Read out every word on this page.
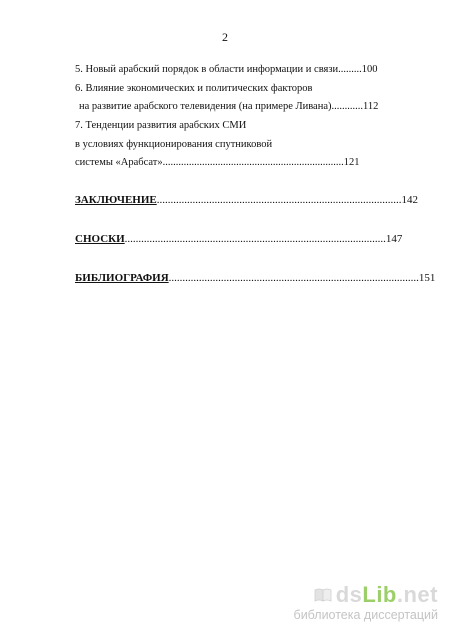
2
5. Новый арабский порядок в области информации и связи.........100
6. Влияние экономических и политических факторов
на развитие арабского телевидения (на примере Ливана)............112
7. Тенденции развития арабских СМИ
в условиях функционирования спутниковой
системы «Арабсат».....................................................................121
ЗАКЛЮЧЕНИЕ.........................................................................................142
СНОСКИ...............................................................................................147
БИБЛИОГРАФИЯ...........................................................................................151
dsLib.net
библиотека диссертаций
